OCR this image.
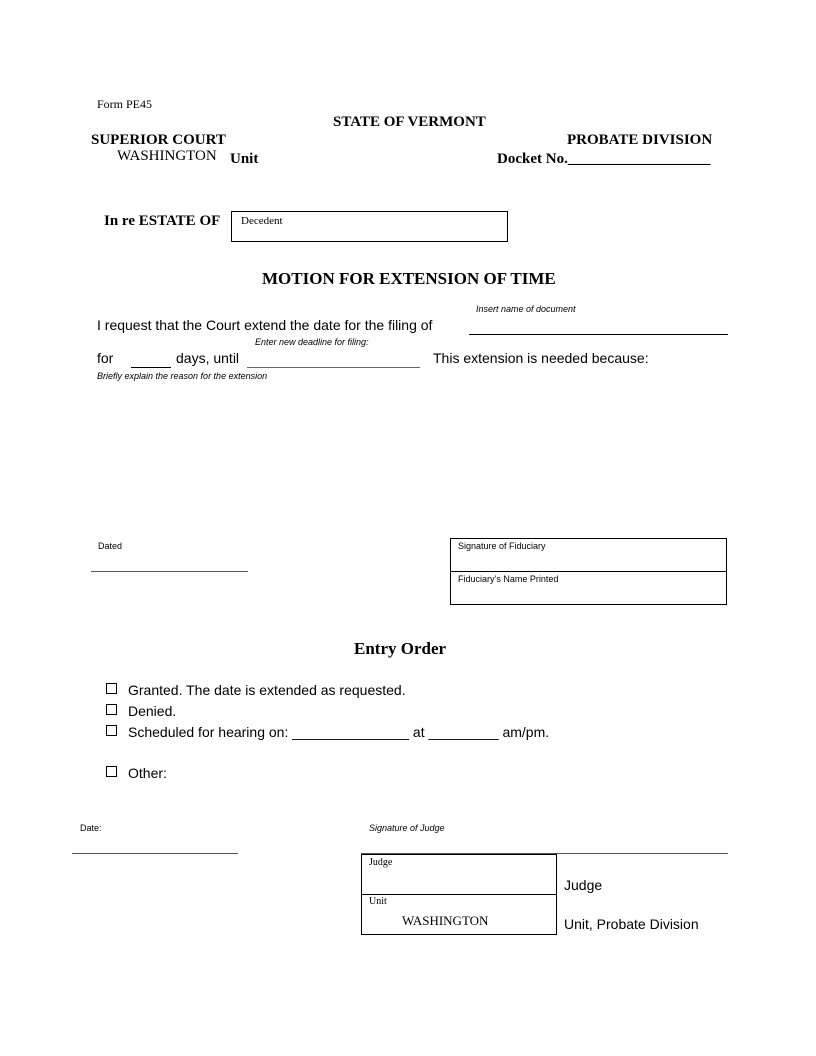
Form PE45
STATE OF VERMONT
SUPERIOR COURT	PROBATE DIVISION
WASHINGTON Unit	Docket No.___________________
In re ESTATE OF Decedent
MOTION FOR EXTENSION OF TIME
Insert name of document
I request that the Court extend the date for the filing of
Enter new deadline for filing:
for	days, until	This extension is needed because:
Briefly explain the reason for the extension
Dated	Signature of Fiduciary
Fiduciary’s Name Printed
Entry Order
Granted. The date is extended as requested.
Denied.
Scheduled for hearing on: _______________ at _________ am/pm.
Other:
Date:	Signature of Judge
Judge
Unit
WASHINGTON
Judge
Unit, Probate Division
